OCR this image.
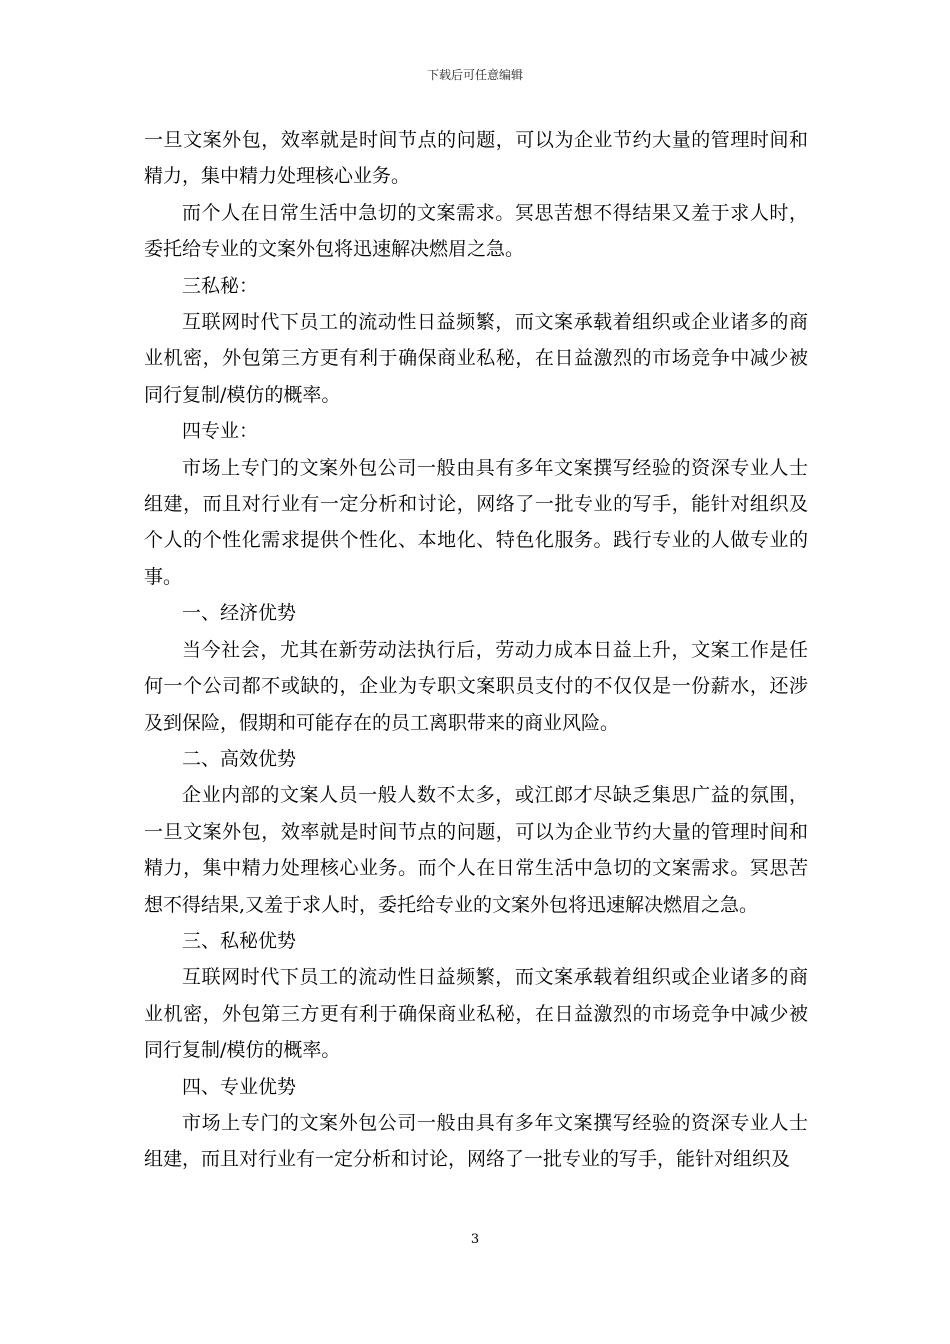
下载后可任意编辑

一旦文案外包，效率就是时间节点的问题，可以为企业节约大量的管理时间和精力，集中精力处理核心业务。

而个人在日常生活中急切的文案需求。冥思苦想不得结果又羞于求人时，委托给专业的文案外包将迅速解决燃眉之急。

三私秘：

互联网时代下员工的流动性日益频繁，而文案承载着组织或企业诸多的商业机密，外包第三方更有利于确保商业私秘，在日益激烈的市场竞争中减少被同行复制/模仿的概率。

四专业：

市场上专门的文案外包公司一般由具有多年文案撰写经验的资深专业人士组建，而且对行业有一定分析和讨论，网络了一批专业的写手，能针对组织及个人的个性化需求提供个性化、本地化、特色化服务。践行专业的人做专业的事。

一、经济优势

当今社会，尤其在新劳动法执行后，劳动力成本日益上升，文案工作是任何一个公司都不或缺的，企业为专职文案职员支付的不仅仅是一份薪水，还涉及到保险，假期和可能存在的员工离职带来的商业风险。

二、高效优势

企业内部的文案人员一般人数不太多，或江郎才尽缺乏集思广益的氛围，一旦文案外包，效率就是时间节点的问题，可以为企业节约大量的管理时间和精力，集中精力处理核心业务。而个人在日常生活中急切的文案需求。冥思苦想不得结果,又羞于求人时，委托给专业的文案外包将迅速解决燃眉之急。

三、私秘优势

互联网时代下员工的流动性日益频繁，而文案承载着组织或企业诸多的商业机密，外包第三方更有利于确保商业私秘，在日益激烈的市场竞争中减少被同行复制/模仿的概率。

四、专业优势

市场上专门的文案外包公司一般由具有多年文案撰写经验的资深专业人士组建，而且对行业有一定分析和讨论，网络了一批专业的写手，能针对组织及

3
